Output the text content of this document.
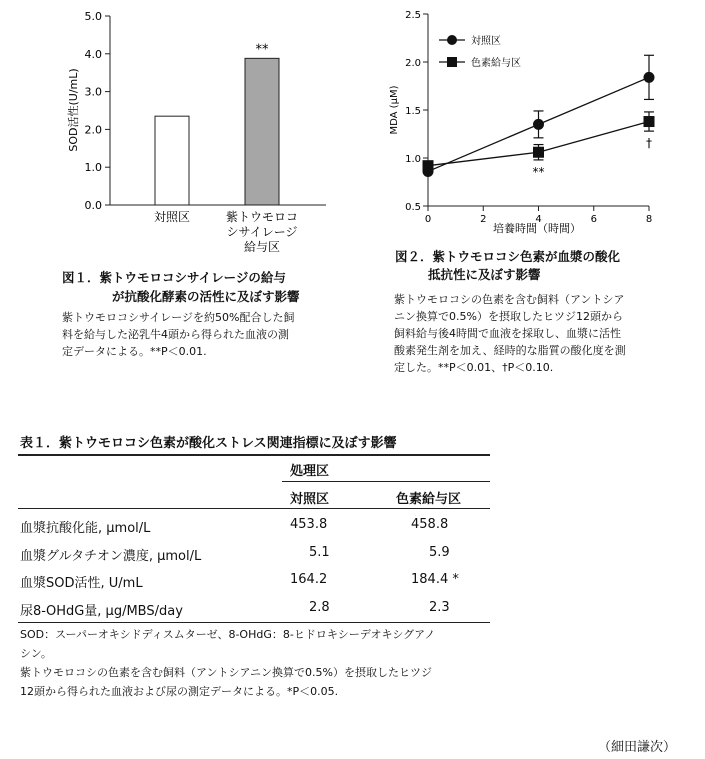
SOD活性(U/mL)
0.0
1.0
2.0
3.0
4.0
5.0
**
対照区	紫トウモロコ
シサイレージ
給与区
図１．紫トウモロコシサイレージの給与
が抗酸化酵素の活性に及ぼす影響
紫トウモロコシサイレージを約50%配合した飼
料を給与した泌乳牛4頭から得られた血液の測
定データによる。**P＜0.01.
MDA (μM)
0.5
1.0
1.5
2.0
2.5
0	2	4	6	8
培養時間（時間）
対照区
色素給与区
**
†
図２．紫トウモロコシ色素が血漿の酸化
抵抗性に及ぼす影響
紫トウモロコシの色素を含む飼料（アントシア
ニン換算で0.5%）を摂取したヒツジ12頭から
飼料給与後4時間で血液を採取し、血漿に活性
酸素発生剤を加え、経時的な脂質の酸化度を測
定した。**P＜0.01、†P＜0.10.
表１．紫トウモロコシ色素が酸化ストレス関連指標に及ぼす影響
処理区
対照区	色素給与区
血漿抗酸化能, μmol/L	453.8	458.8
血漿グルタチオン濃度, μmol/L	5.1	5.9
血漿SOD活性, U/mL	164.2	184.4 *
尿8-OHdG量, μg/MBS/day	2.8	2.3
SOD：スーパーオキシドディスムターゼ、8-OHdG：8-ヒドロキシーデオキシグアノ
シン。
紫トウモロコシの色素を含む飼料（アントシアニン換算で0.5%）を摂取したヒツジ
12頭から得られた血液および尿の測定データによる。*P＜0.05.
（細田謙次）
